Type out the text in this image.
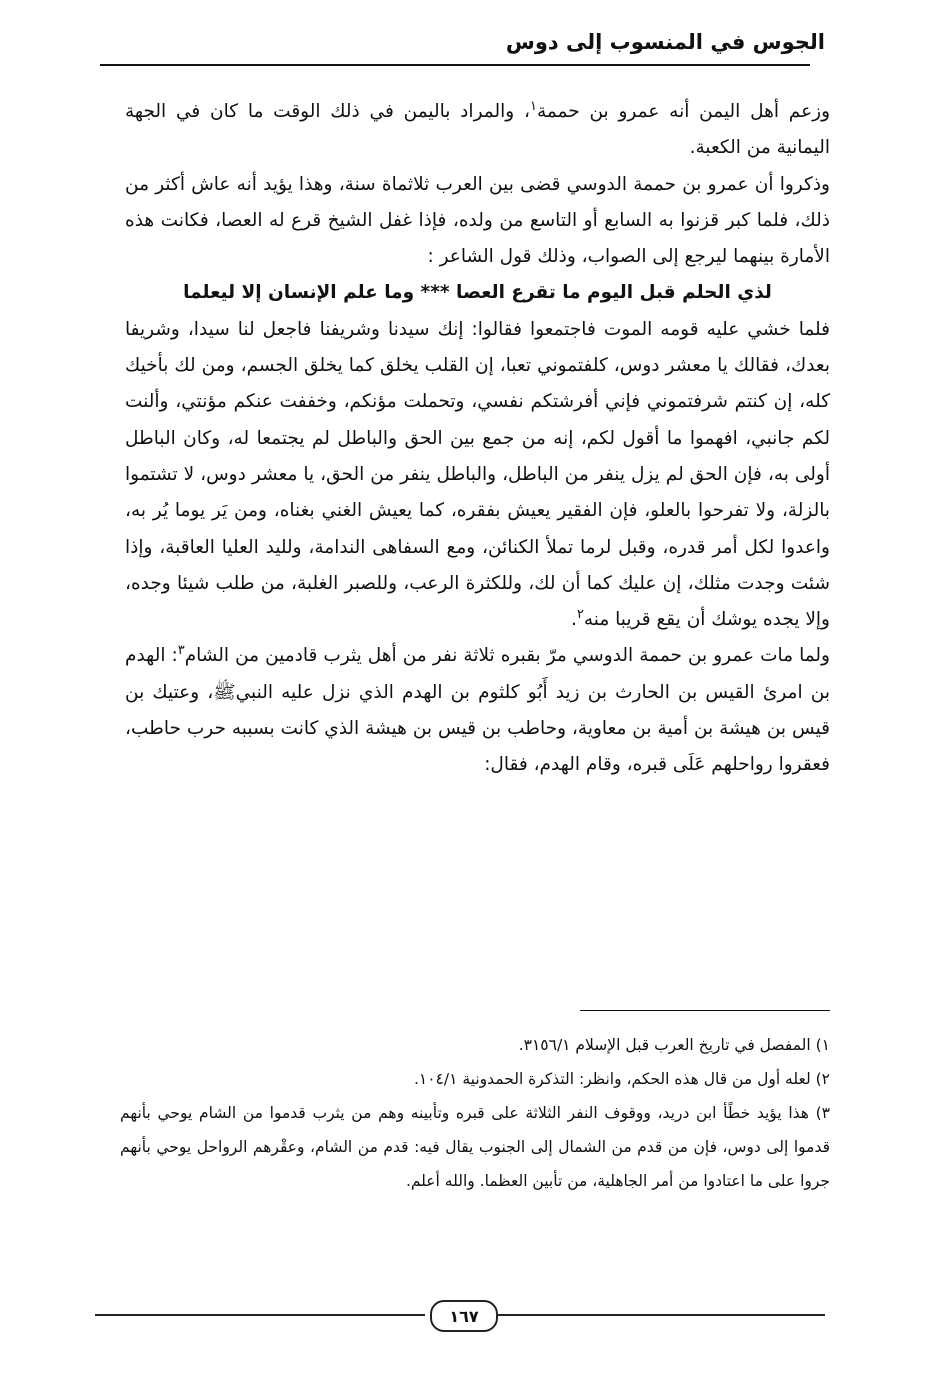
الجوس في المنسوب إلى دوس

وزعم أهل اليمن أنه عمرو بن حممة$^١$، والمراد باليمن في ذلك الوقت ما كان في الجهة اليمانية من الكعبة.

وذكروا أن عمرو بن حممة الدوسي قضى بين العرب ثلاثماة سنة، وهذا يؤيد أنه عاش أكثر من ذلك، فلما كبر قزنوا به السابع أو التاسع من ولده، فإذا غفل الشيخ قرع له العصا، فكانت هذه الأمارة بينهما ليرجع إلى الصواب، وذلك قول الشاعر :

لذي الحلم قبل اليوم ما تقرع العصا *** وما علم الإنسان إلا ليعلما

فلما خشي عليه قومه الموت فاجتمعوا فقالوا: إنك سيدنا وشريفنا فاجعل لنا سيدا، وشريفا بعدك، فقالك يا معشر دوس، كلفتموني تعبا، إن القلب يخلق كما يخلق الجسم، ومن لك بأخيك كله، إن كنتم شرفتموني فإني أفرشتكم نفسي، وتحملت مؤنكم، وخففت عنكم مؤنتي، وألنت لكم جانبي، افهموا ما أقول لكم، إنه من جمع بين الحق والباطل لم يجتمعا له، وكان الباطل أولى به، فإن الحق لم يزل ينفر من الباطل، والباطل ينفر من الحق، يا معشر دوس، لا تشتموا بالزلة، ولا تفرحوا بالعلو، فإن الفقير يعيش بفقره، كما يعيش الغني بغناه، ومن يَر يوما يُر به، واعدوا لكل أمر قدره، وقبل لرما تملأ الكنائن، ومع السفاهى الندامة، ولليد العليا العاقبة، وإذا شئت وجدت مثلك، إن عليك كما أن لك، وللكثرة الرعب، وللصبر الغلبة، من طلب شيئا وجده، وإلا يجده يوشك أن يقع قريبا منه$^٢$.

ولما مات عمرو بن حممة الدوسي مرّ بقبره ثلاثة نفر من أهل يثرب قادمين من الشام$^٣$: الهدم بن امرئ القيس بن الحارث بن زيد أَبُو كلثوم بن الهدم الذي نزل عليه النبيﷺ، وعتيك بن قيس بن هيشة بن أمية بن معاوية، وحاطب بن قيس بن هيشة الذي كانت بسببه حرب حاطب، فعقروا رواحلهم عَلَى قبره، وقام الهدم، فقال:

١) المفصل في تاريخ العرب قبل الإسلام ٣١٥٦/١.

٢) لعله أول من قال هذه الحكم، وانظر: التذكرة الحمدونية ١٠٤/١.

٣) هذا يؤيد خطًأ ابن دريد، ووقوف النفر الثلاثة على قبره وتأبينه وهم من يثرب قدموا من الشام يوحي بأنهم قدموا إلى دوس، فإن من قدم من الشمال إلى الجنوب يقال فيه: قدم من الشام، وعقْرهم الرواحل يوحي بأنهم جروا على ما اعتادوا من أمر الجاهلية، من تأبين العظما. والله أعلم.

١٦٧
